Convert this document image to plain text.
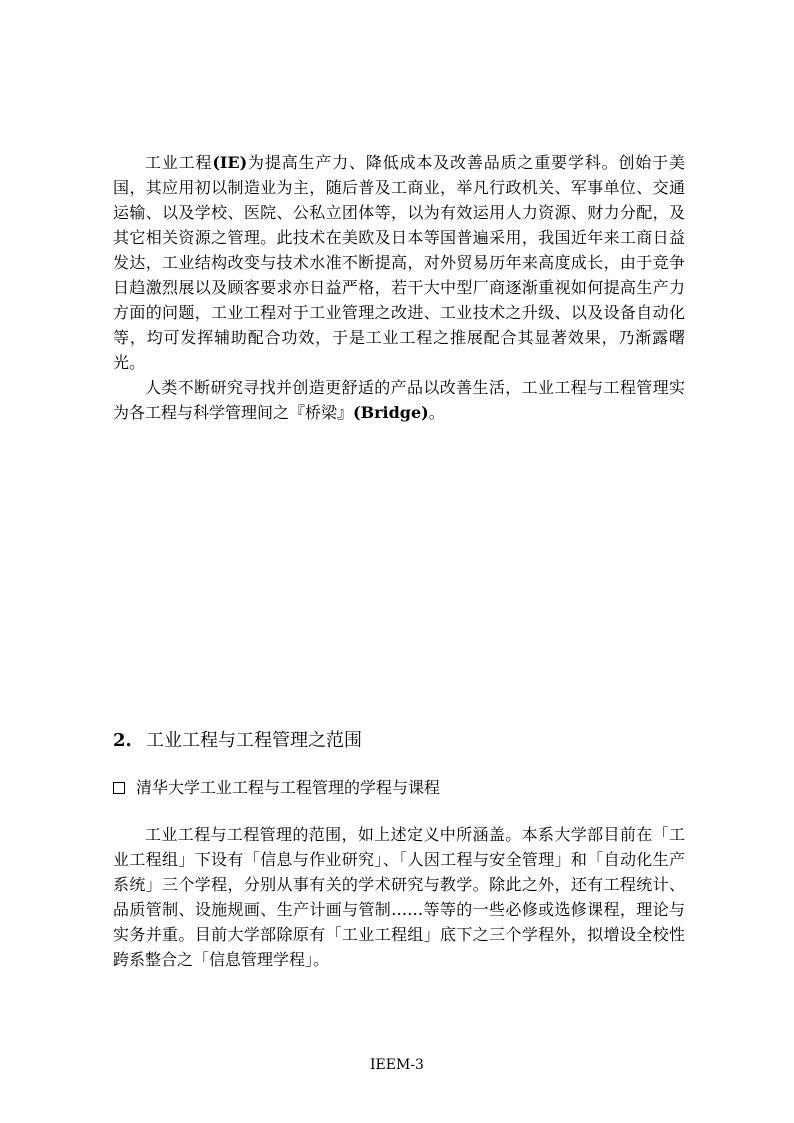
工业工程(IE)为提高生产力、降低成本及改善品质之重要学科。创始于美国，其应用初以制造业为主，随后普及工商业，举凡行政机关、军事单位、交通运输、以及学校、医院、公私立团体等，以为有效运用人力资源、财力分配，及其它相关资源之管理。此技术在美欧及日本等国普遍采用，我国近年来工商日益发达，工业结构改变与技术水准不断提高，对外贸易历年来高度成长，由于竞争日趋激烈展以及顾客要求亦日益严格，若干大中型厂商逐渐重视如何提高生产力方面的问题，工业工程对于工业管理之改进、工业技术之升级、以及设备自动化等，均可发挥辅助配合功效，于是工业工程之推展配合其显著效果，乃渐露曙光。

人类不断研究寻找并创造更舒适的产品以改善生活，工业工程与工程管理实为各工程与科学管理间之『桥梁』(Bridge)。

2. 工业工程与工程管理之范围

清华大学工业工程与工程管理的学程与课程

工业工程与工程管理的范围，如上述定义中所涵盖。本系大学部目前在「工业工程组」下设有「信息与作业研究」、「人因工程与安全管理」和「自动化生产系统」三个学程，分别从事有关的学术研究与教学。除此之外，还有工程统计、品质管制、设施规画、生产计画与管制……等等的一些必修或选修课程，理论与实务并重。目前大学部除原有「工业工程组」底下之三个学程外，拟增设全校性跨系整合之「信息管理学程」。

IEEM-3
